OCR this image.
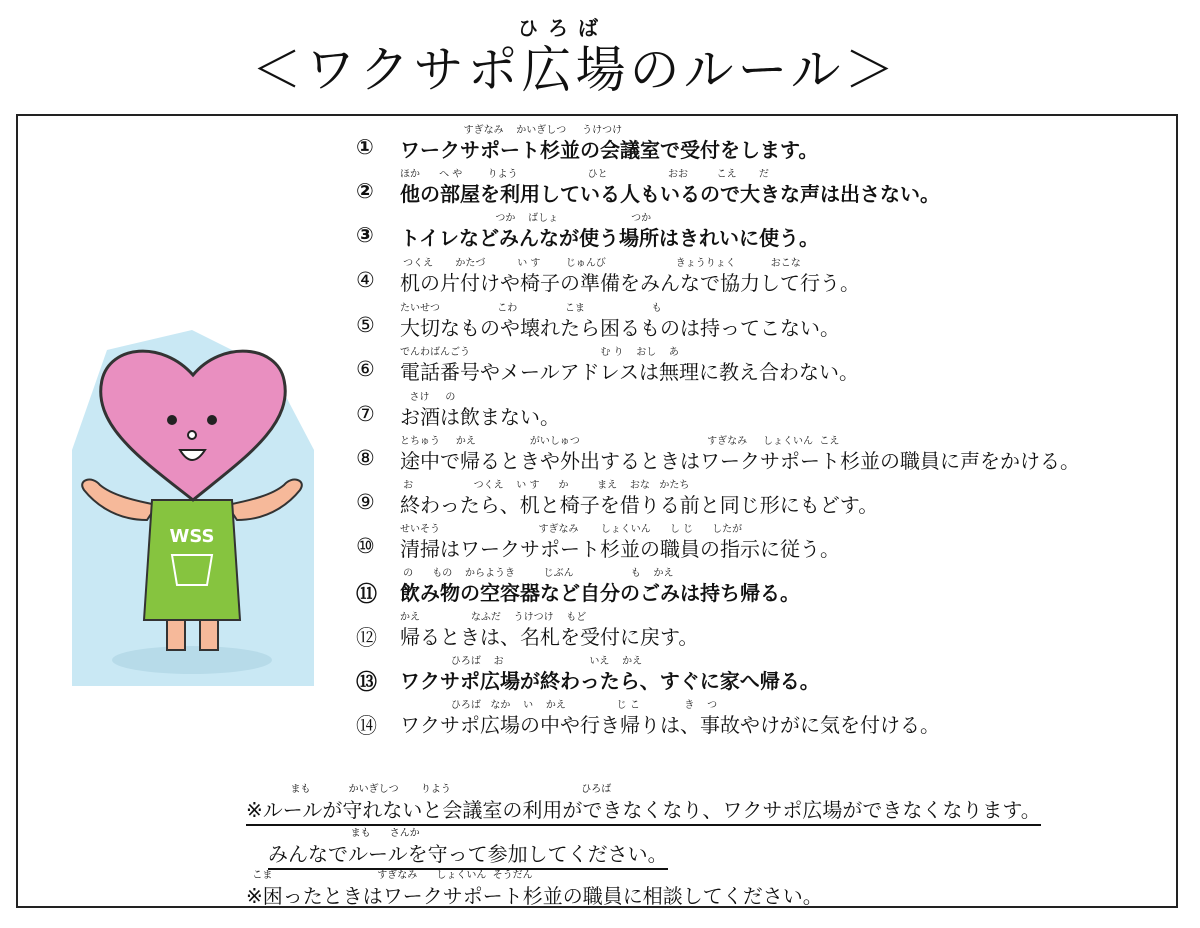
ひろば
＜ワクサポ広場のルール＞
WSS
すぎなみ    かいぎしつ     うけつけ
①	ワークサポート杉並の会議室で受付をします。
ほか      へ や        りよう                      ひと                   おお         こえ       だ
②	他の部屋を利用している人もいるので大きな声は出さない。
つか    ばしょ                       つか
③	トイレなどみんなが使う場所はきれいに使う。
つくえ       かたづ          い す        じゅんび                      きょうりょく           おこな
④	机の片付けや椅子の準備をみんなで協力して行う。
たいせつ                  こわ               こま                     も
⑤	大切なものや壊れたら困るものは持ってこない。
でんわばんごう                                         む り    おし    あ
⑥	電話番号やメールアドレスは無理に教え合わない。
さけ     の
⑦	お酒は飲まない。
とちゅう     かえ                 がいしゅつ                                        すぎなみ     しょくいん  こえ
⑧	途中で帰るときや外出するときはワークサポート杉並の職員に声をかける。
お                   つくえ    い す      か         まえ    おな   かたち
⑨	終わったら、机と椅子を借りる前と同じ形にもどす。
せいそう                               すぎなみ       しょくいん      し じ      したが
⑩	清掃はワークサポート杉並の職員の指示に従う。
の      もの    からようき         じぶん                  も    かえ
⑪	飲み物の空容器など自分のごみは持ち帰る。
かえ                なふだ    うけつけ    もど
⑫	帰るときは、名札を受付に戻す。
ひろば    お                           いえ    かえ
⑬	ワクサポ広場が終わったら、すぐに家へ帰る。
ひろば   なか    い    かえ                じ こ              き    つ
⑭	ワクサポ広場の中や行き帰りは、事故やけがに気を付ける。
まも            かいぎしつ       りよう                                         ひろば
※ルールが守れないと会議室の利用ができなくなり、ワクサポ広場ができなくなります。
まも      さんか
みんなでルールを守って参加してください。
こま                                 すぎなみ      しょくいん  そうだん
※困ったときはワークサポート杉並の職員に相談してください。
